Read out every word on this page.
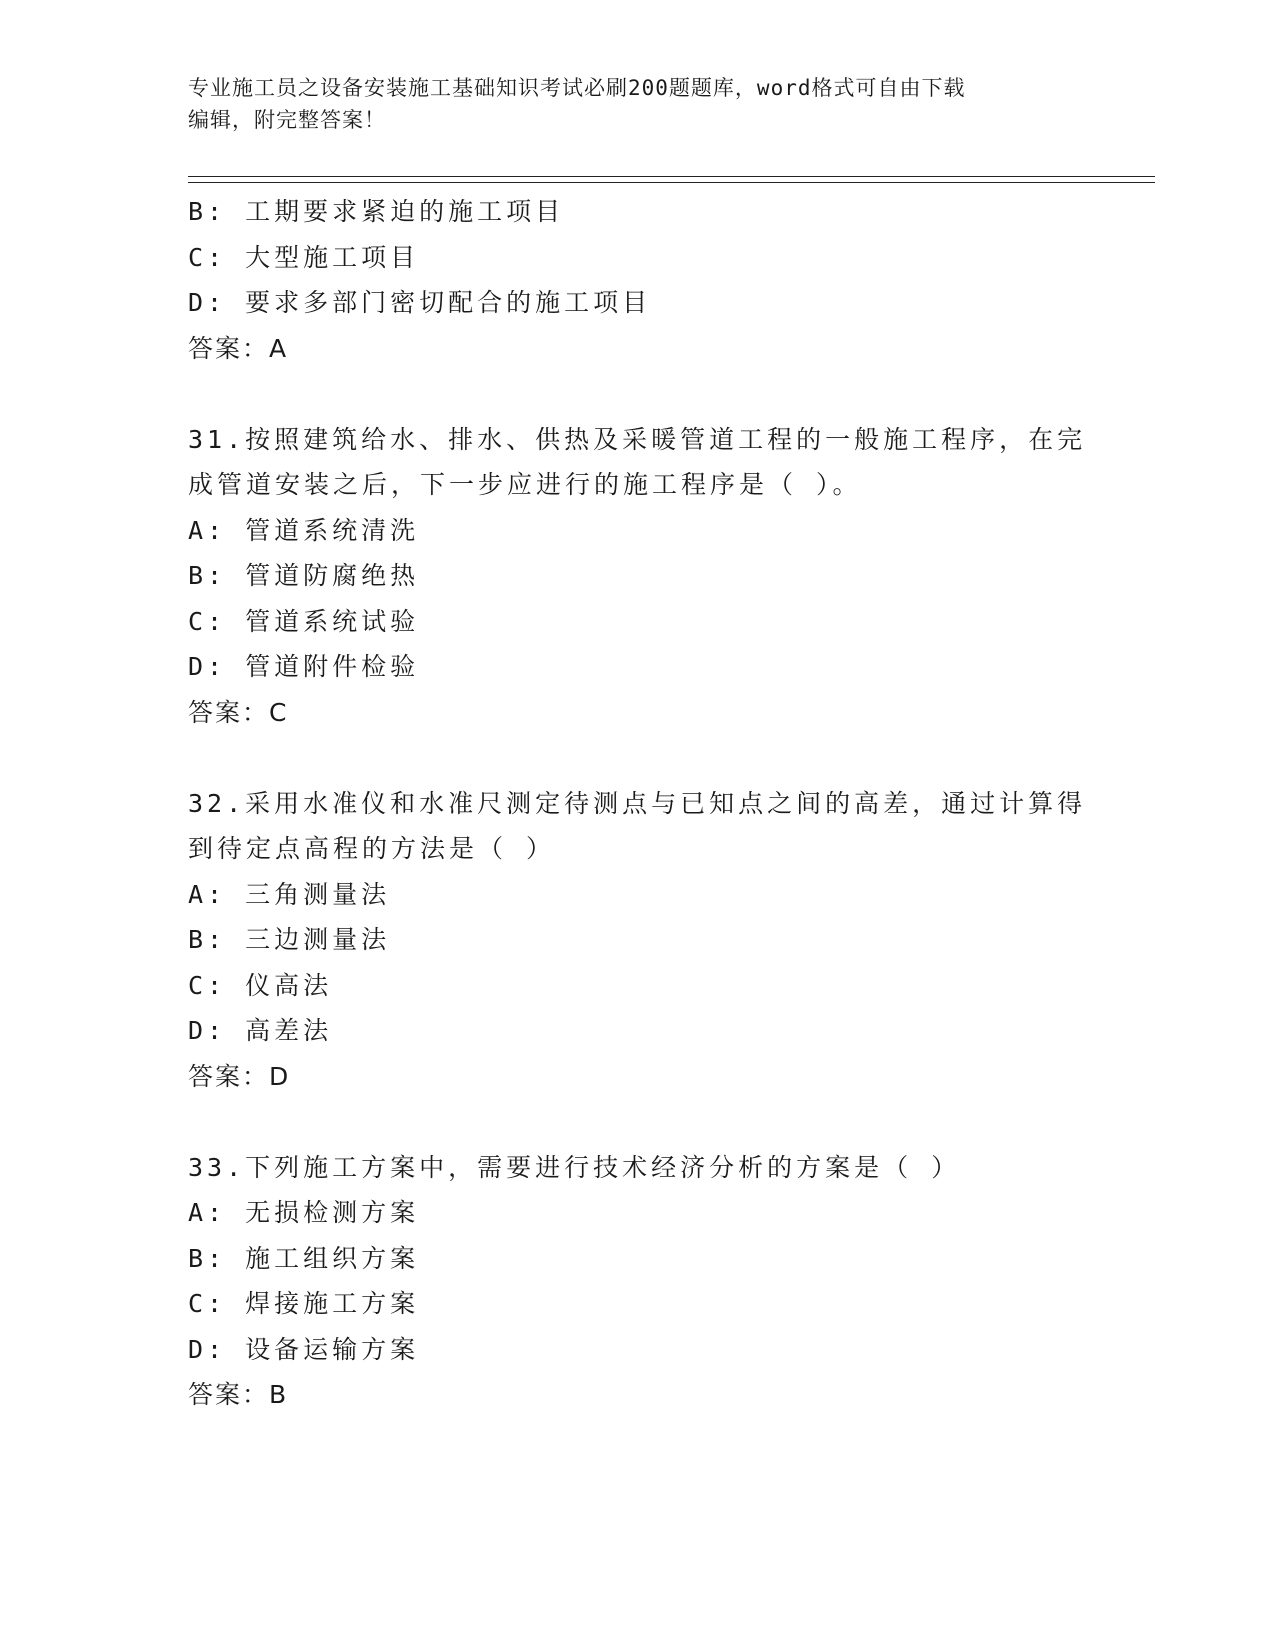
专业施工员之设备安装施工基础知识考试必刷200题题库，word格式可自由下载
编辑，附完整答案！
B: 工期要求紧迫的施工项目
C: 大型施工项目
D: 要求多部门密切配合的施工项目
答案：A
31.按照建筑给水、排水、供热及采暖管道工程的一般施工程序，在完
成管道安装之后，下一步应进行的施工程序是（ ）。
A: 管道系统清洗
B: 管道防腐绝热
C: 管道系统试验
D: 管道附件检验
答案：C
32.采用水准仪和水准尺测定待测点与已知点之间的高差，通过计算得
到待定点高程的方法是（ ）
A: 三角测量法
B: 三边测量法
C: 仪高法
D: 高差法
答案：D
33.下列施工方案中，需要进行技术经济分析的方案是（ ）
A: 无损检测方案
B: 施工组织方案
C: 焊接施工方案
D: 设备运输方案
答案：B
